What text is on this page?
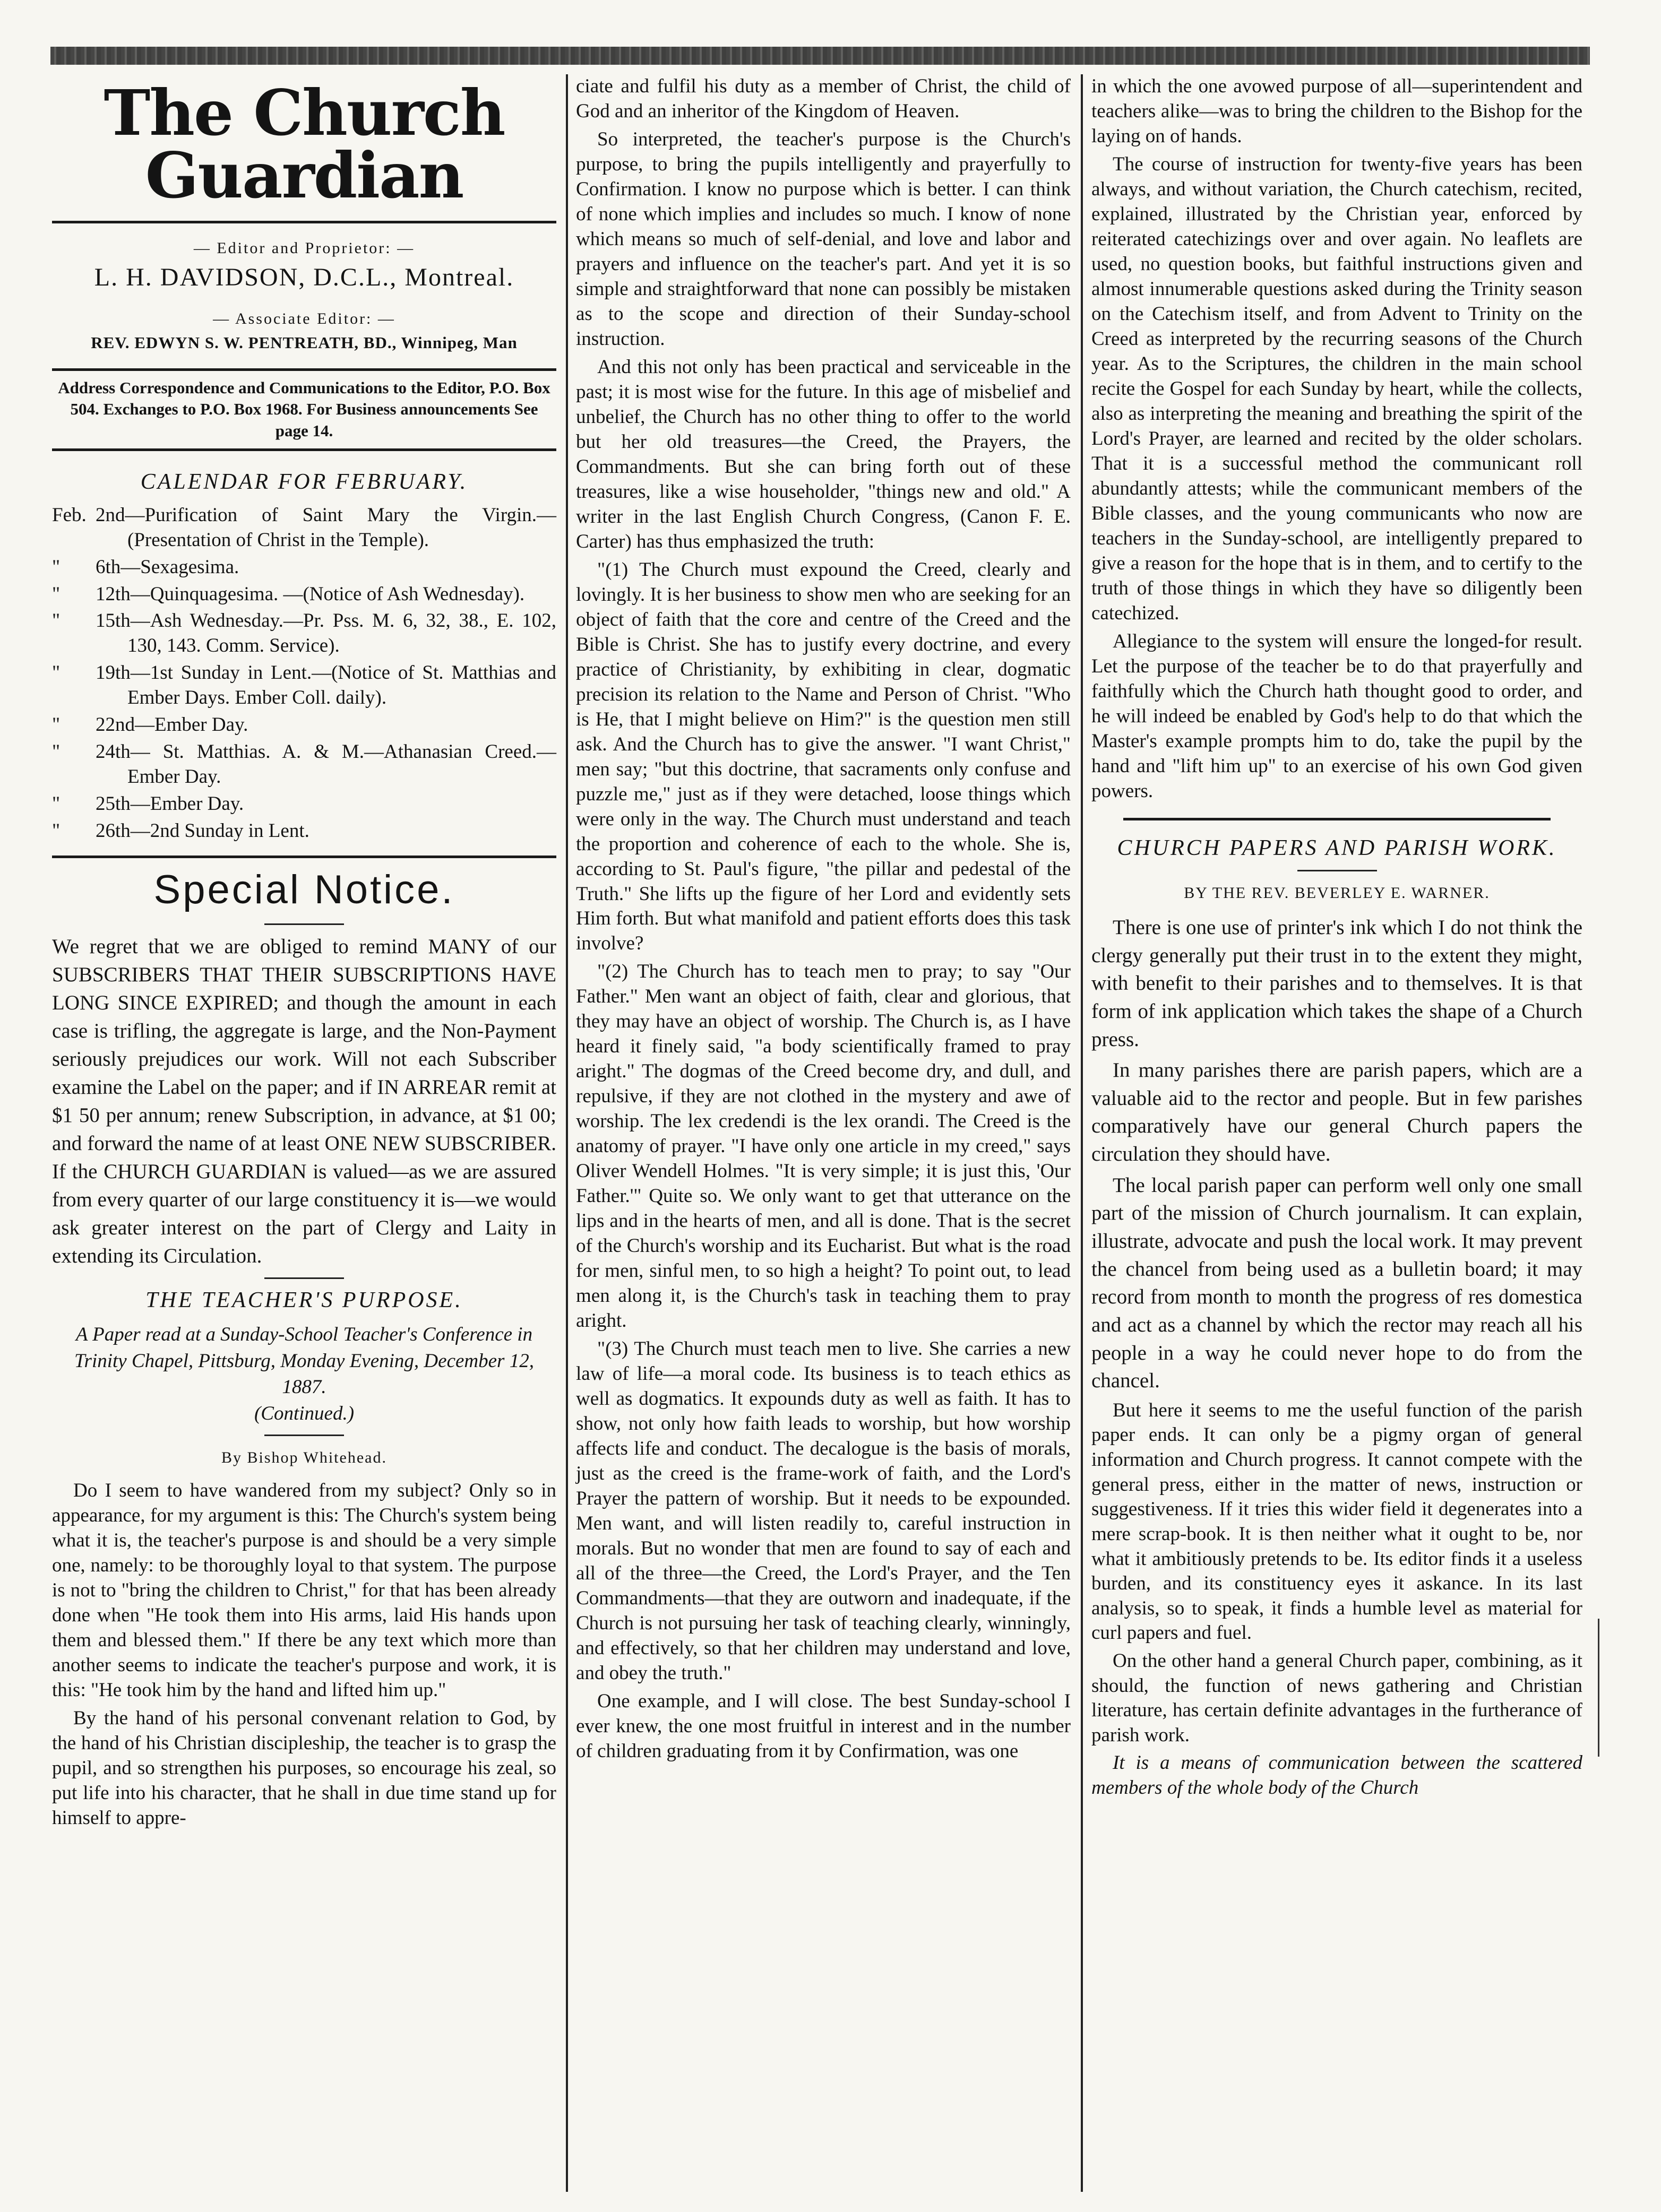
The Church Guardian
— Editor and Proprietor: —
L. H. DAVIDSON, D.C.L., Montreal.
— Associate Editor: —
REV. EDWYN S. W. PENTREATH, BD., Winnipeg, Man
Address Correspondence and Communications to the Editor, P.O. Box 504. Exchanges to P.O. Box 1968. For Business announcements See page 14.
CALENDAR FOR FEBRUARY.
Feb. 2nd—Purification of Saint Mary the Virgin.—(Presentation of Christ in the Temple).
"	6th—Sexagesima.
"	12th—Quinquagesima. —(Notice of Ash Wednesday).
"	15th—Ash Wednesday.—Pr. Pss. M. 6, 32, 38., E. 102, 130, 143. Comm. Service).
"	19th—1st Sunday in Lent.—(Notice of St. Matthias and Ember Days. Ember Coll. daily).
"	22nd—Ember Day.
"	24th— St. Matthias. A. & M.—Athanasian Creed.—Ember Day.
"	25th—Ember Day.
"	26th—2nd Sunday in Lent.
Special Notice.

We regret that we are obliged to remind MANY of our SUBSCRIBERS THAT THEIR SUBSCRIPTIONS HAVE LONG SINCE EXPIRED; and though the amount in each case is trifling, the aggregate is large, and the Non-Payment seriously prejudices our work. Will not each Subscriber examine the Label on the paper; and if IN ARREAR remit at $1 50 per annum; renew Subscription, in advance, at $1 00; and forward the name of at least ONE NEW SUBSCRIBER. If the CHURCH GUARDIAN is valued—as we are assured from every quarter of our large constituency it is—we would ask greater interest on the part of Clergy and Laity in extending its Circulation.

THE TEACHER'S PURPOSE.
A Paper read at a Sunday-School Teacher's Conference in Trinity Chapel, Pittsburg, Monday Evening, December 12, 1887.
(Continued.)
By Bishop Whitehead.

Do I seem to have wandered from my subject? Only so in appearance, for my argument is this: The Church's system being what it is, the teacher's purpose is and should be a very simple one, namely: to be thoroughly loyal to that system. The purpose is not to "bring the children to Christ," for that has been already done when "He took them into His arms, laid His hands upon them and blessed them." If there be any text which more than another seems to indicate the teacher's purpose and work, it is this: "He took him by the hand and lifted him up."

By the hand of his personal convenant relation to God, by the hand of his Christian discipleship, the teacher is to grasp the pupil, and so strengthen his purposes, so encourage his zeal, so put life into his character, that he shall in due time stand up for himself to appre-

ciate and fulfil his duty as a member of Christ, the child of God and an inheritor of the Kingdom of Heaven.

So interpreted, the teacher's purpose is the Church's purpose, to bring the pupils intelligently and prayerfully to Confirmation. I know no purpose which is better. I can think of none which implies and includes so much. I know of none which means so much of self-denial, and love and labor and prayers and influence on the teacher's part. And yet it is so simple and straightforward that none can possibly be mistaken as to the scope and direction of their Sunday-school instruction.

And this not only has been practical and serviceable in the past; it is most wise for the future. In this age of misbelief and unbelief, the Church has no other thing to offer to the world but her old treasures—the Creed, the Prayers, the Commandments. But she can bring forth out of these treasures, like a wise householder, "things new and old." A writer in the last English Church Congress, (Canon F. E. Carter) has thus emphasized the truth:

"(1) The Church must expound the Creed, clearly and lovingly. It is her business to show men who are seeking for an object of faith that the core and centre of the Creed and the Bible is Christ. She has to justify every doctrine, and every practice of Christianity, by exhibiting in clear, dogmatic precision its relation to the Name and Person of Christ. "Who is He, that I might believe on Him?" is the question men still ask. And the Church has to give the answer. "I want Christ," men say; "but this doctrine, that sacraments only confuse and puzzle me," just as if they were detached, loose things which were only in the way. The Church must understand and teach the proportion and coherence of each to the whole. She is, according to St. Paul's figure, "the pillar and pedestal of the Truth." She lifts up the figure of her Lord and evidently sets Him forth. But what manifold and patient efforts does this task involve?

"(2) The Church has to teach men to pray; to say "Our Father." Men want an object of faith, clear and glorious, that they may have an object of worship. The Church is, as I have heard it finely said, "a body scientifically framed to pray aright." The dogmas of the Creed become dry, and dull, and repulsive, if they are not clothed in the mystery and awe of worship. The lex credendi is the lex orandi. The Creed is the anatomy of prayer. "I have only one article in my creed," says Oliver Wendell Holmes. "It is very simple; it is just this, 'Our Father.'" Quite so. We only want to get that utterance on the lips and in the hearts of men, and all is done. That is the secret of the Church's worship and its Eucharist. But what is the road for men, sinful men, to so high a height? To point out, to lead men along it, is the Church's task in teaching them to pray aright.

"(3) The Church must teach men to live. She carries a new law of life—a moral code. Its business is to teach ethics as well as dogmatics. It expounds duty as well as faith. It has to show, not only how faith leads to worship, but how worship affects life and conduct. The decalogue is the basis of morals, just as the creed is the frame-work of faith, and the Lord's Prayer the pattern of worship. But it needs to be expounded. Men want, and will listen readily to, careful instruction in morals. But no wonder that men are found to say of each and all of the three—the Creed, the Lord's Prayer, and the Ten Commandments—that they are outworn and inadequate, if the Church is not pursuing her task of teaching clearly, winningly, and effectively, so that her children may understand and love, and obey the truth."

One example, and I will close. The best Sunday-school I ever knew, the one most fruitful in interest and in the number of children graduating from it by Confirmation, was one

in which the one avowed purpose of all—superintendent and teachers alike—was to bring the children to the Bishop for the laying on of hands.

The course of instruction for twenty-five years has been always, and without variation, the Church catechism, recited, explained, illustrated by the Christian year, enforced by reiterated catechizings over and over again. No leaflets are used, no question books, but faithful instructions given and almost innumerable questions asked during the Trinity season on the Catechism itself, and from Advent to Trinity on the Creed as interpreted by the recurring seasons of the Church year. As to the Scriptures, the children in the main school recite the Gospel for each Sunday by heart, while the collects, also as interpreting the meaning and breathing the spirit of the Lord's Prayer, are learned and recited by the older scholars. That it is a successful method the communicant roll abundantly attests; while the communicant members of the Bible classes, and the young communicants who now are teachers in the Sunday-school, are intelligently prepared to give a reason for the hope that is in them, and to certify to the truth of those things in which they have so diligently been catechized.

Allegiance to the system will ensure the longed-for result. Let the purpose of the teacher be to do that prayerfully and faithfully which the Church hath thought good to order, and he will indeed be enabled by God's help to do that which the Master's example prompts him to do, take the pupil by the hand and "lift him up" to an exercise of his own God given powers.

CHURCH PAPERS AND PARISH WORK.
BY THE REV. BEVERLEY E. WARNER.

There is one use of printer's ink which I do not think the clergy generally put their trust in to the extent they might, with benefit to their parishes and to themselves. It is that form of ink application which takes the shape of a Church press.

In many parishes there are parish papers, which are a valuable aid to the rector and people. But in few parishes comparatively have our general Church papers the circulation they should have.

The local parish paper can perform well only one small part of the mission of Church journalism. It can explain, illustrate, advocate and push the local work. It may prevent the chancel from being used as a bulletin board; it may record from month to month the progress of res domestica and act as a channel by which the rector may reach all his people in a way he could never hope to do from the chancel.

But here it seems to me the useful function of the parish paper ends. It can only be a pigmy organ of general information and Church progress. It cannot compete with the general press, either in the matter of news, instruction or suggestiveness. If it tries this wider field it degenerates into a mere scrap-book. It is then neither what it ought to be, nor what it ambitiously pretends to be. Its editor finds it a useless burden, and its constituency eyes it askance. In its last analysis, so to speak, it finds a humble level as material for curl papers and fuel.

On the other hand a general Church paper, combining, as it should, the function of news gathering and Christian literature, has certain definite advantages in the furtherance of parish work.

It is a means of communication between the scattered members of the whole body of the Church
